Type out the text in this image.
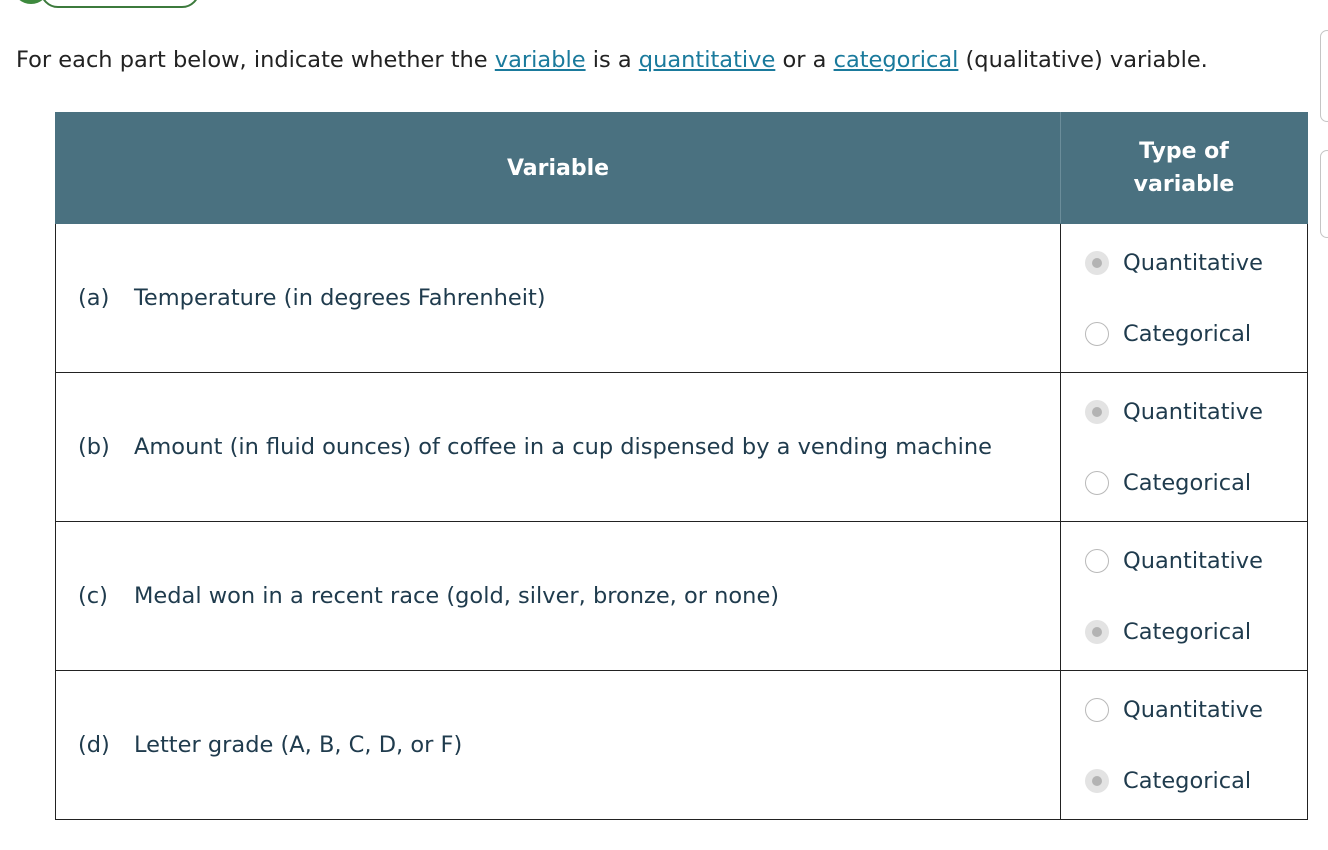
For each part below, indicate whether the variable is a quantitative or a categorical (qualitative) variable.
Variable	Type of variable

(a) Temperature (in degrees Fahrenheit)	Quantitative
Categorical

(b) Amount (in fluid ounces) of coffee in a cup dispensed by a vending machine	Quantitative
Categorical

(c) Medal won in a recent race (gold, silver, bronze, or none)	Quantitative
Categorical

(d) Letter grade (A, B, C, D, or F)	Quantitative
Categorical
